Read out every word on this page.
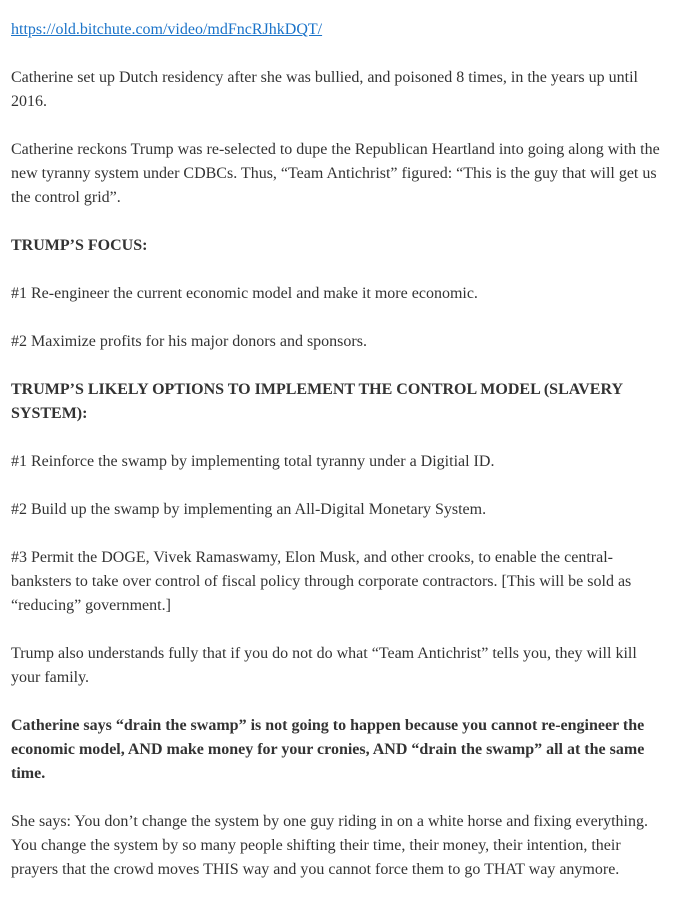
https://old.bitchute.com/video/mdFncRJhkDQT/

Catherine set up Dutch residency after she was bullied, and poisoned 8 times, in the years up until 2016.

Catherine reckons Trump was re-selected to dupe the Republican Heartland into going along with the new tyranny system under CDBCs. Thus, “Team Antichrist” figured: “This is the guy that will get us the control grid”.

TRUMP’S FOCUS:

#1 Re-engineer the current economic model and make it more economic.

#2 Maximize profits for his major donors and sponsors.

TRUMP’S LIKELY OPTIONS TO IMPLEMENT THE CONTROL MODEL (SLAVERY SYSTEM):

#1 Reinforce the swamp by implementing total tyranny under a Digitial ID.

#2 Build up the swamp by implementing an All-Digital Monetary System.

#3 Permit the DOGE, Vivek Ramaswamy, Elon Musk, and other crooks, to enable the central-banksters to take over control of fiscal policy through corporate contractors. [This will be sold as “reducing” government.]

Trump also understands fully that if you do not do what “Team Antichrist” tells you, they will kill your family.

Catherine says “drain the swamp” is not going to happen because you cannot re-engineer the economic model, AND make money for your cronies, AND “drain the swamp” all at the same time.

She says: You don’t change the system by one guy riding in on a white horse and fixing everything. You change the system by so many people shifting their time, their money, their intention, their prayers that the crowd moves THIS way and you cannot force them to go THAT way anymore.
